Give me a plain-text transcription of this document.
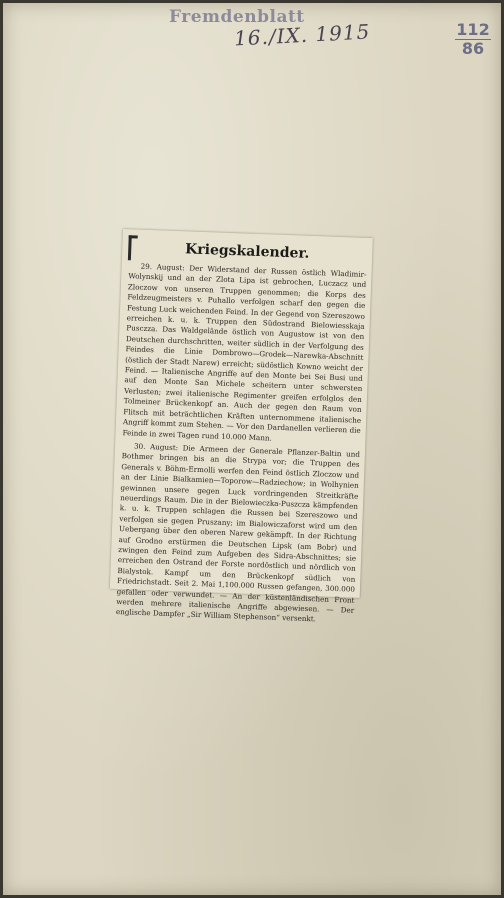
Fremdenblatt
16./IX. 1915	112
86
Kriegskalender.

29. August: Der Widerstand der Russen östlich Wladimir-Wolynskij und an der Zlota Lipa ist gebrochen, Luczacz und Zloczow von unseren Truppen genommen; die Korps des Feldzeugmeisters v. Puhallo verfolgen scharf den gegen die Festung Luck weichenden Feind. In der Gegend von Szereszowo erreichen k. u. k. Truppen den Südostrand Bielowiesskaja Pusczza. Das Waldgelände östlich von Augustow ist von den Deutschen durchschritten, weiter südlich in der Verfolgung des Feindes die Linie Dombrowo—Grodek—Narewka-Abschnitt (östlich der Stadt Narew) erreicht; südöstlich Kowno weicht der Feind. — Italienische Angriffe auf den Monte bei Sei Busi und auf den Monte San Michele scheitern unter schwersten Verlusten; zwei italienische Regimenter greifen erfolglos den Tolmeiner Brückenkopf an. Auch der gegen den Raum von Flitsch mit beträchtlichen Kräften unternommene italienische Angriff kommt zum Stehen. — Vor den Dardanellen verlieren die Feinde in zwei Tagen rund 10.000 Mann.

30. August: Die Armeen der Generale Pflanzer-Baltin und Bothmer bringen bis an die Strypa vor; die Truppen des Generals v. Böhm-Ermolli werfen den Feind östlich Zloczow und an der Linie Bialkamien—Toporow—Radziechow; in Wolhynien gewinnen unsere gegen Luck vordringenden Streitkräfte neuerdings Raum. Die in der Bielowieczka-Puszcza kämpfenden k. u. k. Truppen schlagen die Russen bei Szereszowo und verfolgen sie gegen Pruszany; im Bialowiczaforst wird um den Uebergang über den oberen Narew gekämpft. In der Richtung auf Grodno erstürmen die Deutschen Lipsk (am Bobr) und zwingen den Feind zum Aufgeben des Sidra-Abschnittes; sie erreichen den Ostrand der Forste nordöstlich und nördlich von Bialystok. Kampf um den Brückenkopf südlich von Friedrichstadt. Seit 2. Mai 1,100.000 Russen gefangen, 300.000 gefallen oder verwundet. — An der küstenländischen Front werden mehrere italienische Angriffe abgewiesen. — Der englische Dampfer „Sir William Stephenson“ versenkt.
